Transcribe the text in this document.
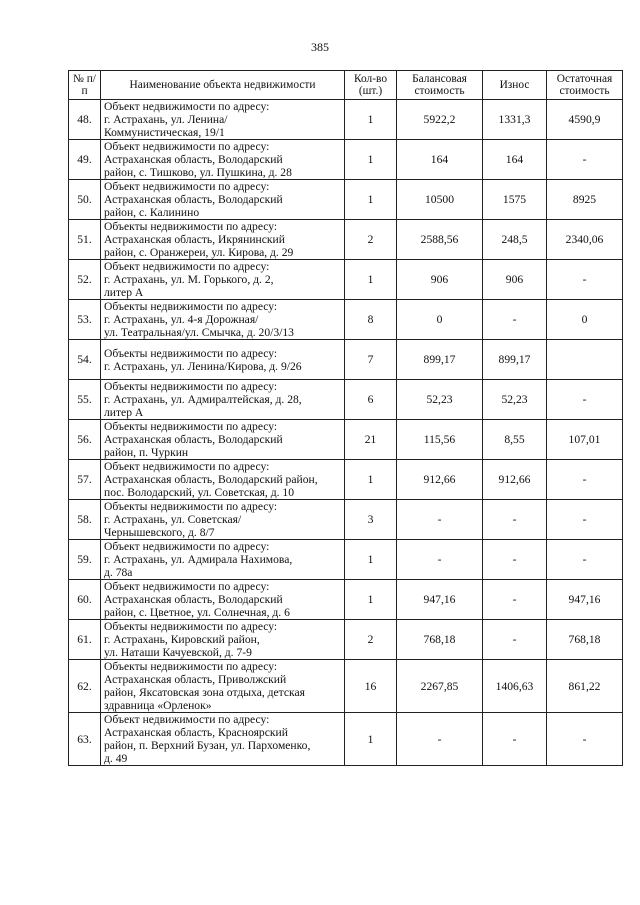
385
№ п/п	Наименование объекта недвижимости	Кол-во (шт.)	Балансовая стоимость	Износ	Остаточная стоимость
48.	Объект недвижимости по адресу:
г. Астрахань, ул. Ленина/
Коммунистическая, 19/1	1	5922,2	1331,3	4590,9
49.	Объект недвижимости по адресу:
Астраханская область, Володарский
район, с. Тишково, ул. Пушкина, д. 28	1	164	164	-
50.	Объект недвижимости по адресу:
Астраханская область, Володарский
район, с. Калинино	1	10500	1575	8925
51.	Объекты недвижимости по адресу:
Астраханская область, Икрянинский
район, с. Оранжереи, ул. Кирова, д. 29	2	2588,56	248,5	2340,06
52.	Объект недвижимости по адресу:
г. Астрахань, ул. М. Горького, д. 2,
литер А	1	906	906	-
53.	Объекты недвижимости по адресу:
г. Астрахань, ул. 4-я Дорожная/
ул. Театральная/ул. Смычка, д. 20/3/13	8	0	-	0
54.	Объекты недвижимости по адресу:
г. Астрахань, ул. Ленина/Кирова, д. 9/26	7	899,17	899,17	
55.	Объекты недвижимости по адресу:
г. Астрахань, ул. Адмиралтейская, д. 28,
литер А	6	52,23	52,23	-
56.	Объекты недвижимости по адресу:
Астраханская область, Володарский
район, п. Чуркин	21	115,56	8,55	107,01
57.	Объект недвижимости по адресу:
Астраханская область, Володарский район,
пос. Володарский, ул. Советская, д. 10	1	912,66	912,66	-
58.	Объекты недвижимости по адресу:
г. Астрахань, ул. Советская/
Чернышевского, д. 8/7	3	-	-	-
59.	Объект недвижимости по адресу:
г. Астрахань, ул. Адмирала Нахимова,
д. 78а	1	-	-	-
60.	Объект недвижимости по адресу:
Астраханская область, Володарский
район, с. Цветное, ул. Солнечная, д. 6	1	947,16	-	947,16
61.	Объекты недвижимости по адресу:
г. Астрахань, Кировский район,
ул. Наташи Качуевской, д. 7-9	2	768,18	-	768,18
62.	Объекты недвижимости по адресу:
Астраханская область, Приволжский
район, Яксатовская зона отдыха, детская
здравница «Орленок»	16	2267,85	1406,63	861,22
63.	Объект недвижимости по адресу:
Астраханская область, Красноярский
район, п. Верхний Бузан, ул. Пархоменко,
д. 49	1	-	-	-
